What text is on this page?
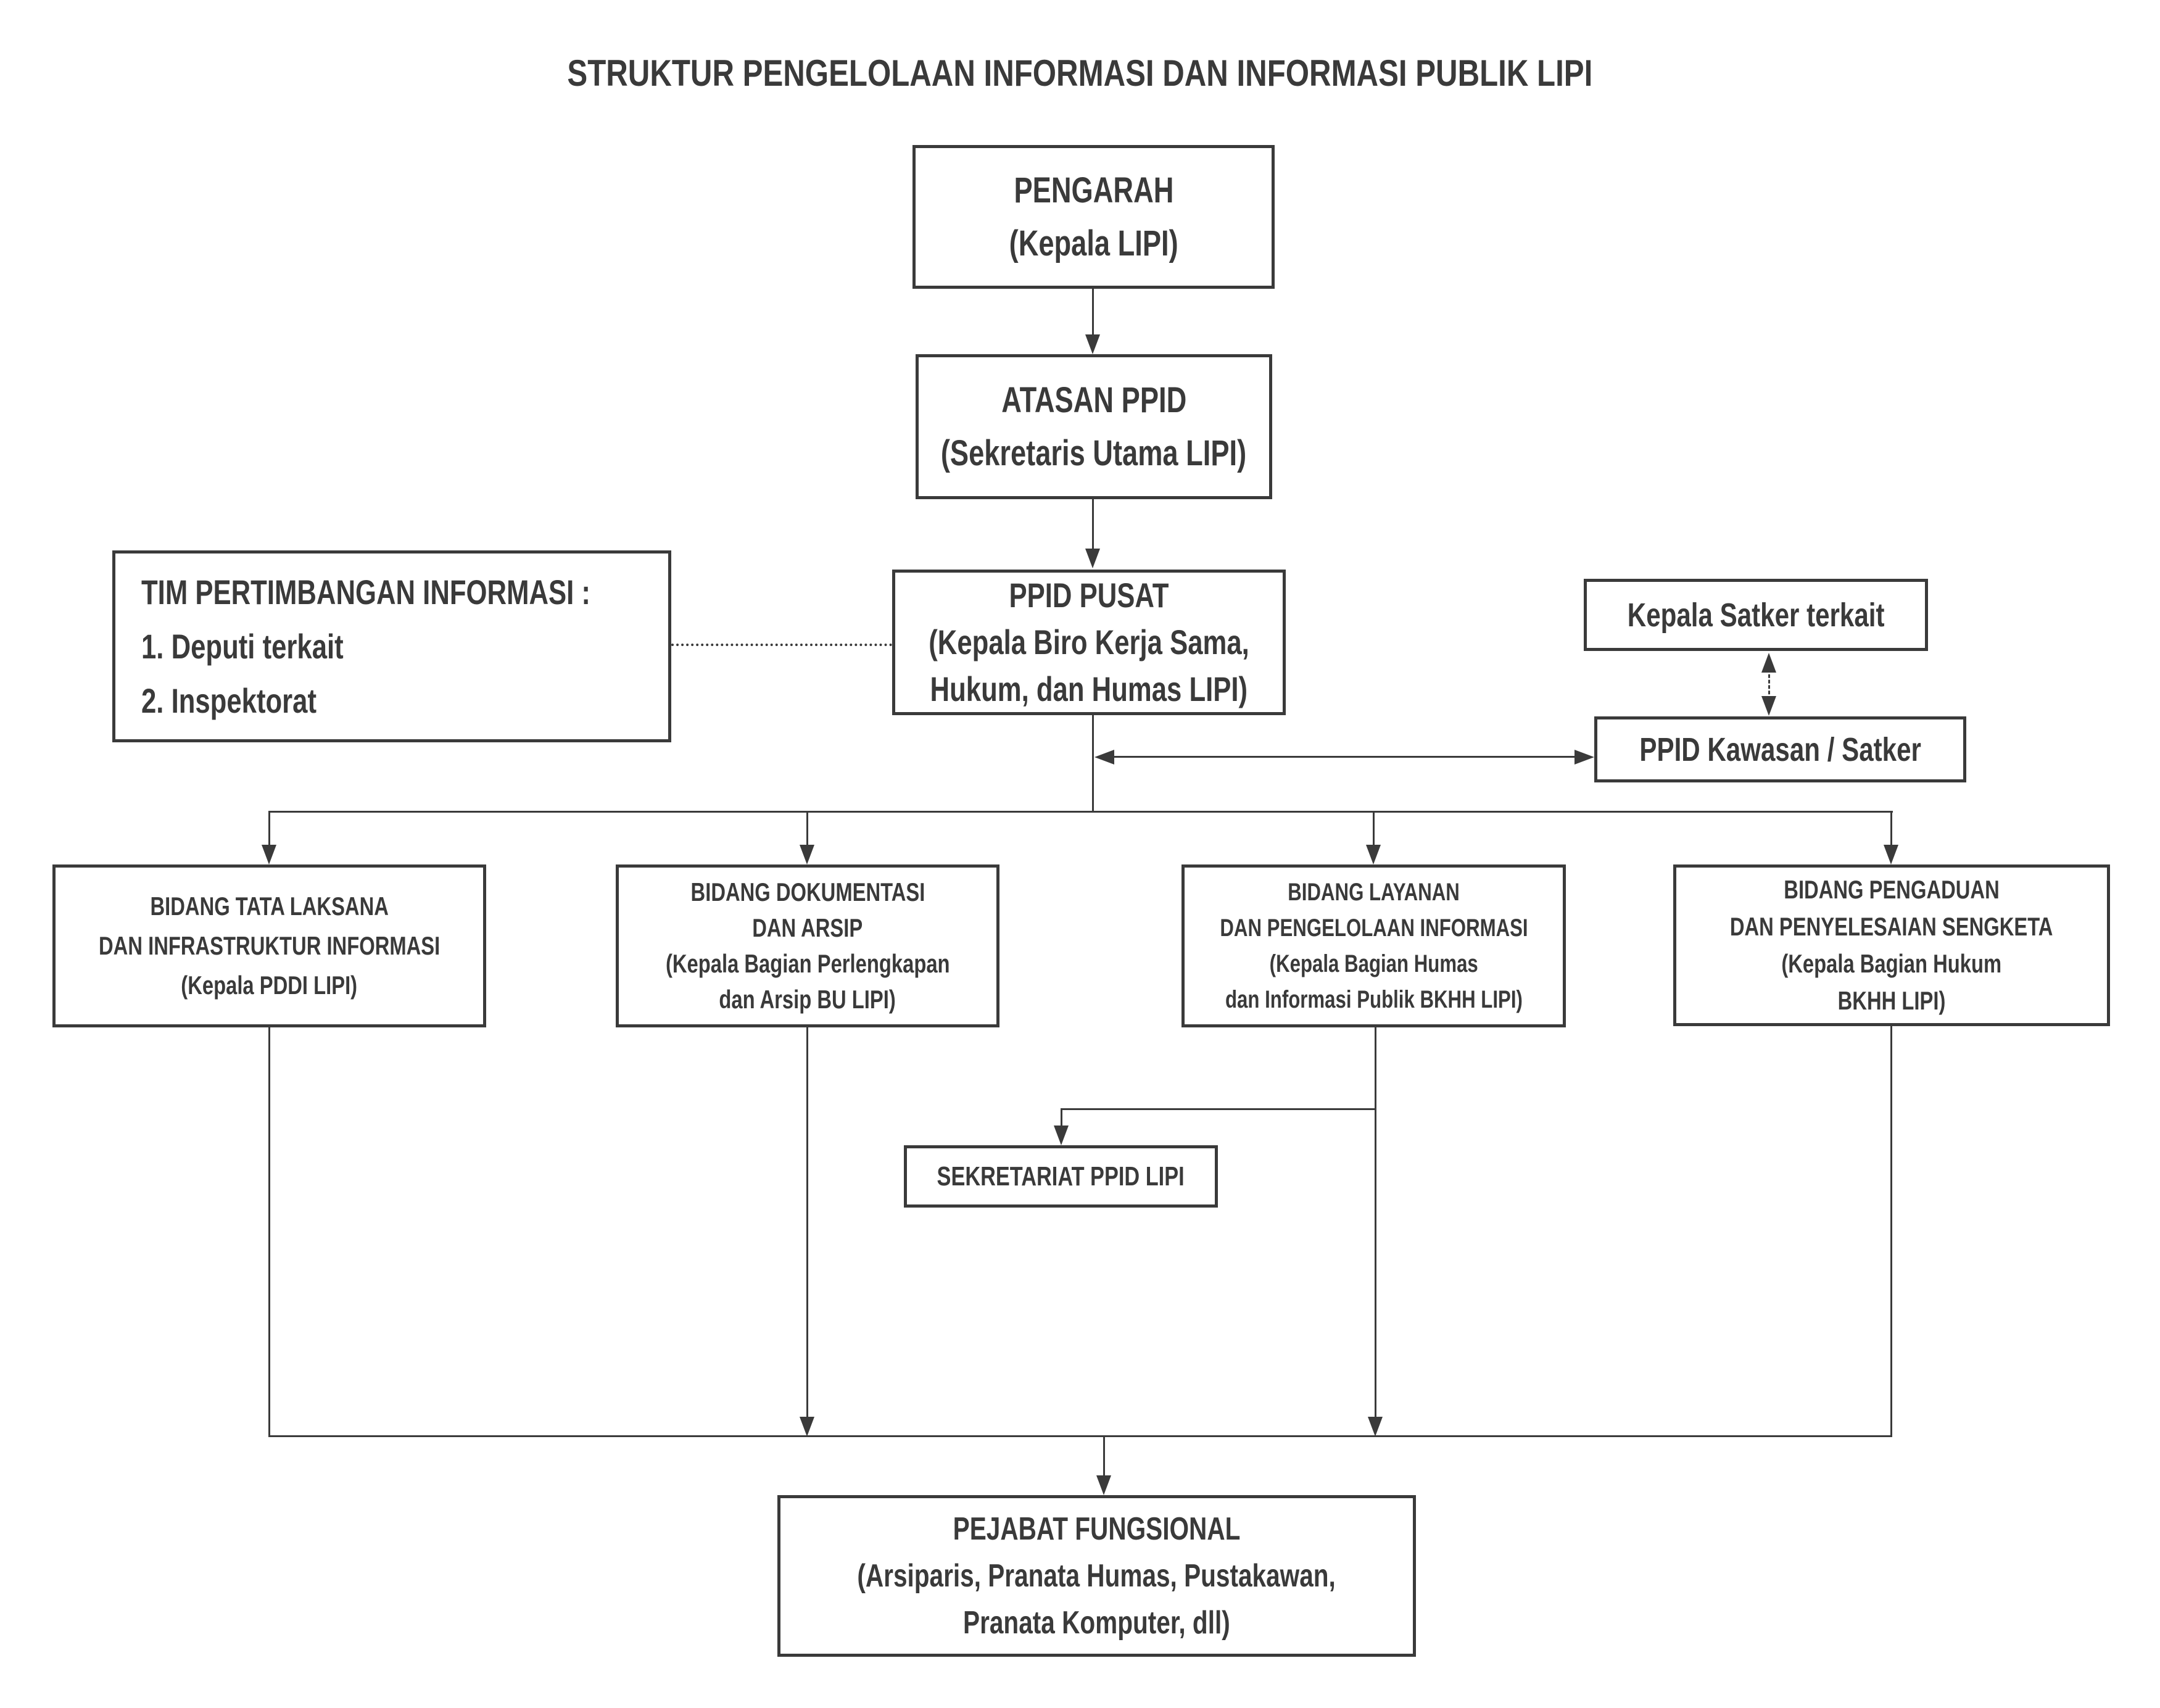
STRUKTUR PENGELOLAAN INFORMASI DAN INFORMASI PUBLIK LIPI
PENGARAH
(Kepala LIPI)
ATASAN PPID
(Sekretaris Utama LIPI)
PPID PUSAT
(Kepala Biro Kerja Sama,
Hukum, dan Humas LIPI)
TIM PERTIMBANGAN INFORMASI :
1. Deputi terkait
2. Inspektorat
Kepala Satker terkait
PPID Kawasan / Satker
BIDANG TATA LAKSANA
DAN INFRASTRUKTUR INFORMASI
(Kepala PDDI LIPI)
BIDANG DOKUMENTASI
DAN ARSIP
(Kepala Bagian Perlengkapan
dan Arsip BU LIPI)
BIDANG LAYANAN
DAN PENGELOLAAN INFORMASI
(Kepala Bagian Humas
dan Informasi Publik BKHH LIPI)
BIDANG PENGADUAN
DAN PENYELESAIAN SENGKETA
(Kepala Bagian Hukum
BKHH LIPI)
SEKRETARIAT PPID LIPI
PEJABAT FUNGSIONAL
(Arsiparis, Pranata Humas, Pustakawan,
Pranata Komputer, dll)
